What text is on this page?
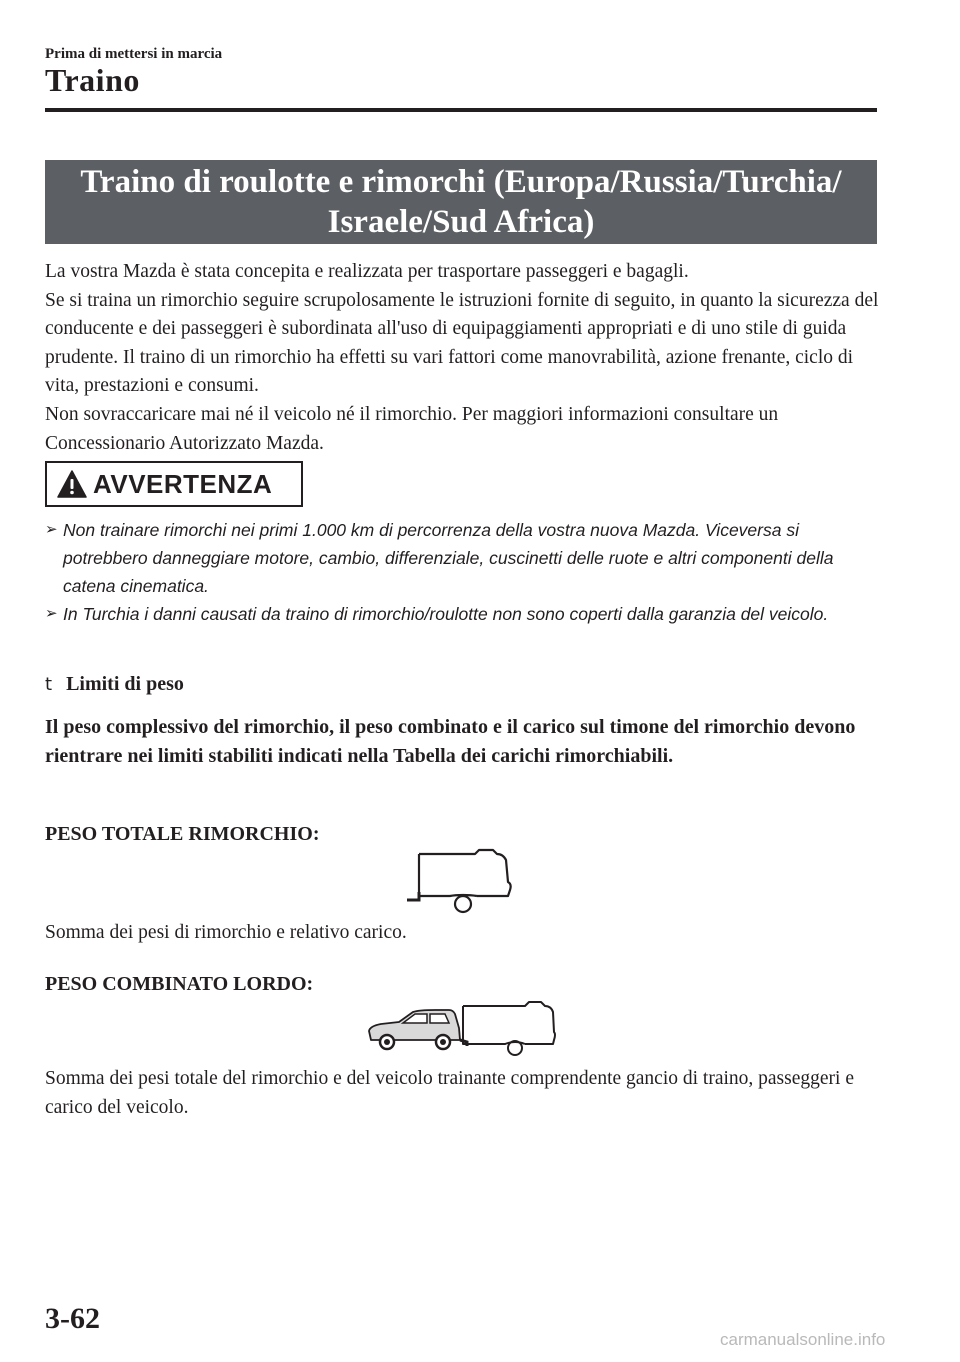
Prima di mettersi in marcia
Traino
Traino di roulotte e rimorchi (Europa/Russia/Turchia/
Israele/Sud Africa)

La vostra Mazda è stata concepita e realizzata per trasportare passeggeri e bagagli.

Se si traina un rimorchio seguire scrupolosamente le istruzioni fornite di seguito, in quanto la sicurezza del conducente e dei passeggeri è subordinata all'uso di equipaggiamenti appropriati e di uno stile di guida prudente. Il traino di un rimorchio ha effetti su vari fattori come manovrabilità, azione frenante, ciclo di vita, prestazioni e consumi.

Non sovraccaricare mai né il veicolo né il rimorchio. Per maggiori informazioni consultare un Concessionario Autorizzato Mazda.

AVVERTENZA
➢ Non trainare rimorchi nei primi 1.000 km di percorrenza della vostra nuova Mazda. Viceversa si potrebbero danneggiare motore, cambio, differenziale, cuscinetti delle ruote e altri componenti della catena cinematica.
➢ In Turchia i danni causati da traino di rimorchio/roulotte non sono coperti dalla garanzia del veicolo.
t Limiti di peso
Il peso complessivo del rimorchio, il peso combinato e il carico sul timone del rimorchio devono rientrare nei limiti stabiliti indicati nella Tabella dei carichi rimorchiabili.
PESO TOTALE RIMORCHIO:
Somma dei pesi di rimorchio e relativo carico.
PESO COMBINATO LORDO:
Somma dei pesi totale del rimorchio e del veicolo trainante comprendente gancio di traino, passeggeri e carico del veicolo.
3-62
carmanualsonline.info
